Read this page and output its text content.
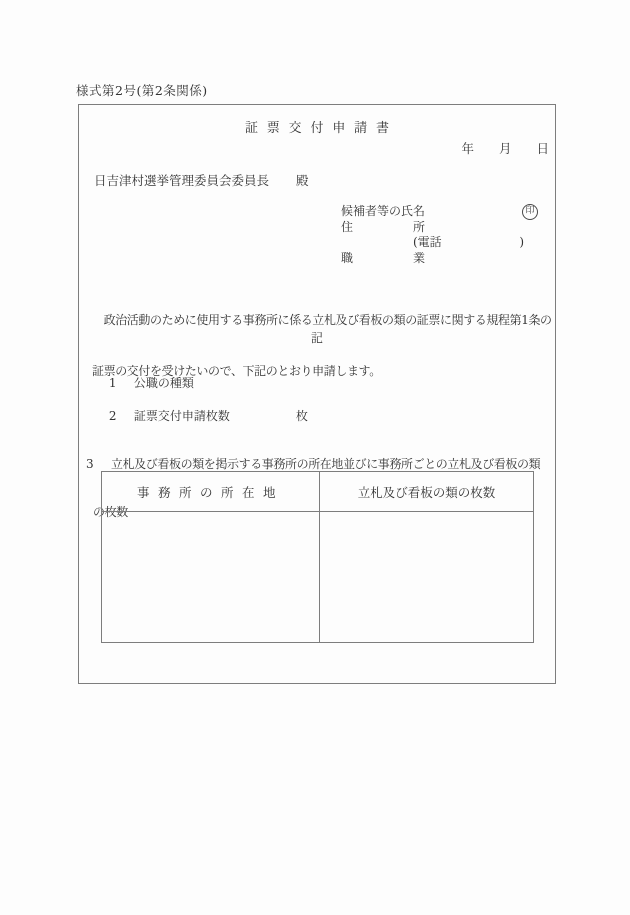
様式第2号(第2条関係)
証票交付申請書
年　　月　　日
日吉津村選挙管理委員会委員長 殿
候補者等の氏名	印
住　　　　　所
(電話	)
職　　　　　業

　政治活動のために使用する事務所に係る立札及び看板の類の証票に関する規程第1条の

証票の交付を受けたいので、下記のとおり申請します。

記

1 公職の種類

2 証票交付申請枚数	枚

3 立札及び看板の類を掲示する事務所の所在地並びに事務所ごとの立札及び看板の類

の枚数

事務所の所在地	立札及び看板の類の枚数
